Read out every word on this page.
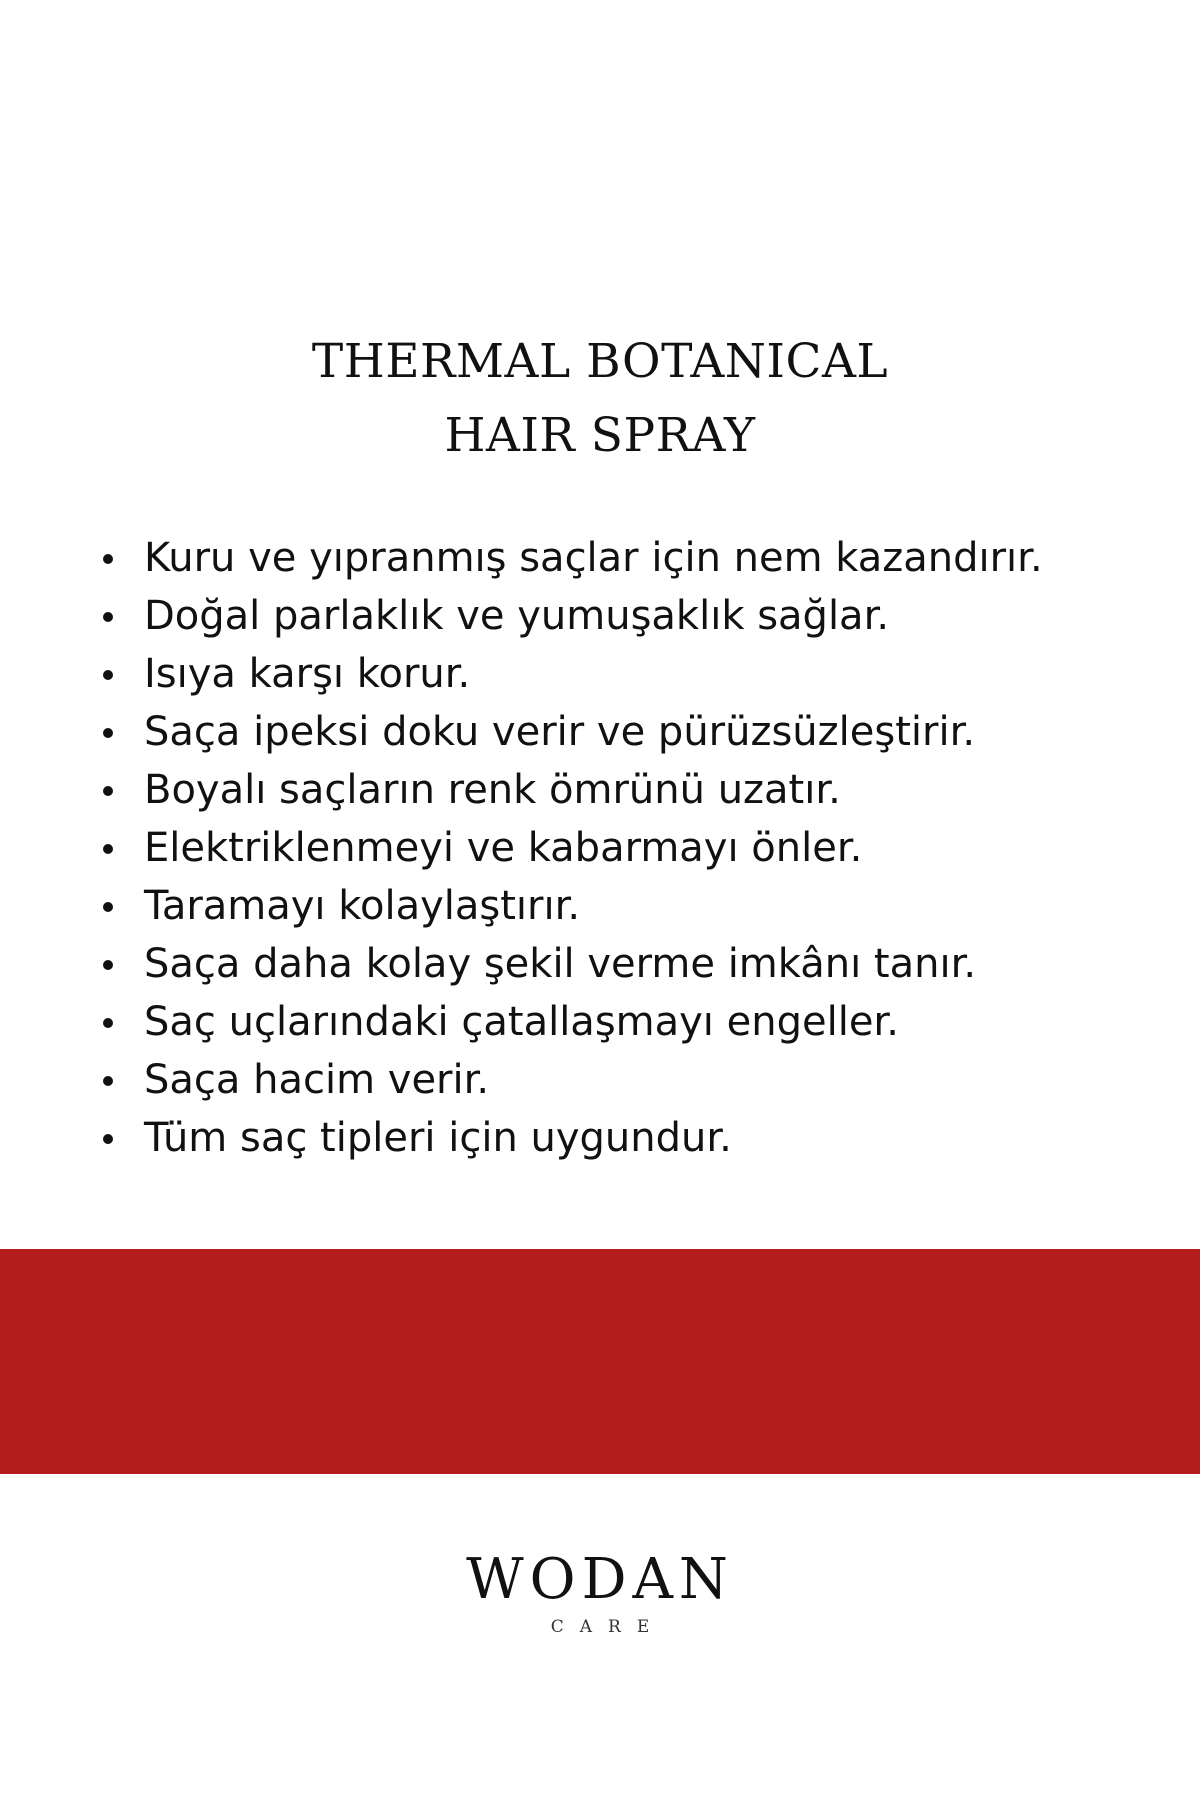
THERMAL BOTANICAL
HAIR SPRAY
Kuru ve yıpranmış saçlar için nem kazandırır.
Doğal parlaklık ve yumuşaklık sağlar.
Isıya karşı korur.
Saça ipeksi doku verir ve pürüzsüzleştirir.
Boyalı saçların renk ömrünü uzatır.
Elektriklenmeyi ve kabarmayı önler.
Taramayı kolaylaştırır.
Saça daha kolay şekil verme imkânı tanır.
Saç uçlarındaki çatallaşmayı engeller.
Saça hacim verir.
Tüm saç tipleri için uygundur.
WODAN
CARE
